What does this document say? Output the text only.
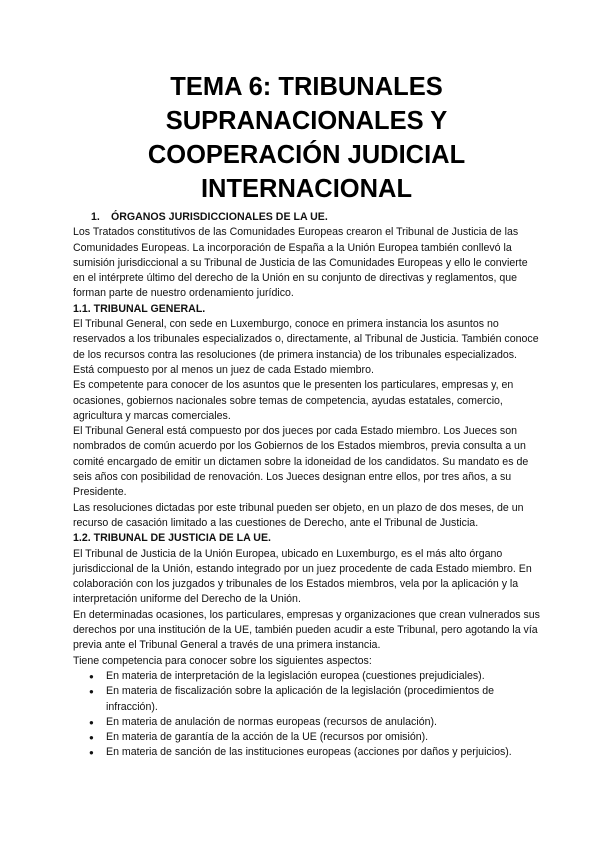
TEMA 6: TRIBUNALES
SUPRANACIONALES Y
COOPERACIÓN JUDICIAL
INTERNACIONAL
1. ÓRGANOS JURISDICCIONALES DE LA UE.

Los Tratados constitutivos de las Comunidades Europeas crearon el Tribunal de Justicia de las Comunidades Europeas. La incorporación de España a la Unión Europea también conllevó la sumisión jurisdiccional a su Tribunal de Justicia de las Comunidades Europeas y ello le convierte en el intérprete último del derecho de la Unión en su conjunto de directivas y reglamentos, que forman parte de nuestro ordenamiento jurídico.

1.1. TRIBUNAL GENERAL.

El Tribunal General, con sede en Luxemburgo, conoce en primera instancia los asuntos no reservados a los tribunales especializados o, directamente, al Tribunal de Justicia. También conoce de los recursos contra las resoluciones (de primera instancia) de los tribunales especializados. Está compuesto por al menos un juez de cada Estado miembro.

Es competente para conocer de los asuntos que le presenten los particulares, empresas y, en ocasiones, gobiernos nacionales sobre temas de competencia, ayudas estatales, comercio, agricultura y marcas comerciales.

El Tribunal General está compuesto por dos jueces por cada Estado miembro. Los Jueces son nombrados de común acuerdo por los Gobiernos de los Estados miembros, previa consulta a un comité encargado de emitir un dictamen sobre la idoneidad de los candidatos. Su mandato es de seis años con posibilidad de renovación. Los Jueces designan entre ellos, por tres años, a su Presidente.

Las resoluciones dictadas por este tribunal pueden ser objeto, en un plazo de dos meses, de un recurso de casación limitado a las cuestiones de Derecho, ante el Tribunal de Justicia.

1.2. TRIBUNAL DE JUSTICIA DE LA UE.

El Tribunal de Justicia de la Unión Europea, ubicado en Luxemburgo, es el más alto órgano jurisdiccional de la Unión, estando integrado por un juez procedente de cada Estado miembro. En colaboración con los juzgados y tribunales de los Estados miembros, vela por la aplicación y la interpretación uniforme del Derecho de la Unión.

En determinadas ocasiones, los particulares, empresas y organizaciones que crean vulnerados sus derechos por una institución de la UE, también pueden acudir a este Tribunal, pero agotando la vía previa ante el Tribunal General a través de una primera instancia.

Tiene competencia para conocer sobre los siguientes aspectos:

● En materia de interpretación de la legislación europea (cuestiones prejudiciales).
● En materia de fiscalización sobre la aplicación de la legislación (procedimientos de infracción).
● En materia de anulación de normas europeas (recursos de anulación).
● En materia de garantía de la acción de la UE (recursos por omisión).
● En materia de sanción de las instituciones europeas (acciones por daños y perjuicios).
